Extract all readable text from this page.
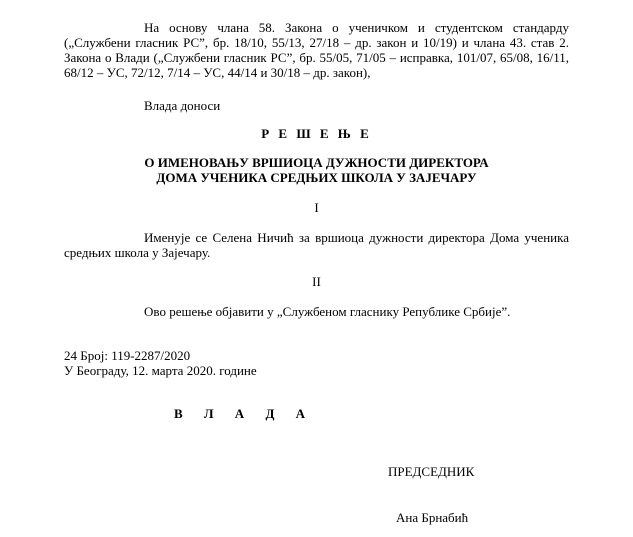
На основу члана 58. Закона о ученичком и студентском стандарду
(„Службени гласник РС”, бр. 18/10, 55/13, 27/18 – др. закон и 10/19) и члана 43. став 2.
Закона о Влади („Службени гласник РС”, бр. 55/05, 71/05 – исправка, 101/07, 65/08, 16/11,
68/12 – УС, 72/12, 7/14 – УС, 44/14 и 30/18 – др. закон),

Влада доноси

Р Е Ш Е Њ Е

О ИМЕНОВАЊУ ВРШИОЦА ДУЖНОСТИ ДИРЕКТОРА

ДОМА УЧЕНИКА СРЕДЊИХ ШКОЛА У ЗАЈЕЧАРУ

I

Именује се Селена Ничић за вршиоца дужности директора Дома ученика
средњих школа у Зајечару.

II

Ово решење објавити у „Службеном гласнику Републике Србије”.

24 Број: 119-2287/2020

У Београду, 12. марта 2020. године

В Л А Д А

ПРЕДСЕДНИК

Ана Брнабић
